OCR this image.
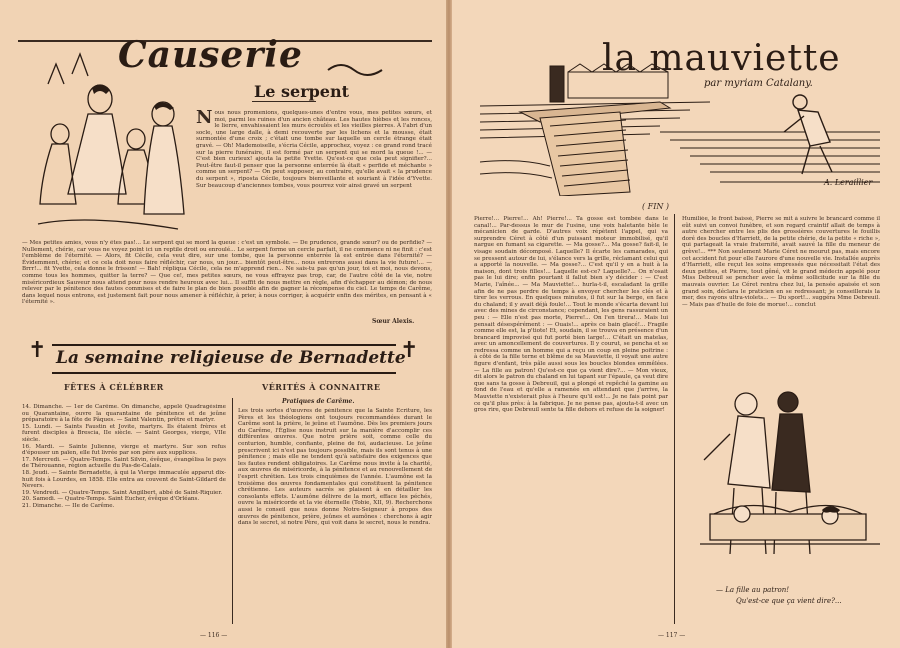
Causerie
Le serpent
Nous nous promenions, quelques-unes d'entre vous, mes petites sœurs, et moi, parmi les ruines d'un ancien château. Les hautes hièbes et les ronces, le lierre, envahissaient les murs écroulés et les vieilles pierres. À l'abri d'un socle, une large dalle, à demi recouverte par les lichens et la mousse, était surmontée d'une croix ; c'était une tombe sur laquelle un cercle étrange était gravé. — Oh! Mademoiselle, s'écria Cécile, approchez, voyez : ce grand rond tracé sur la pierre funéraire, il est formé par un serpent qui se mord la queue !... — C'est bien curieux! ajouta la petite Yvette. Qu'est-ce que cela peut signifier?... Peut-être faut-il penser que la personne enterrée là était « perfide et méchante » comme un serpent? — On peut supposer, au contraire, qu'elle avait « la prudence du serpent », riposta Cécile, toujours bienveillante et souriant à l'idée d'Yvette. Sur beaucoup d'anciennes tombes, vous pourrez voir ainsi gravé un serpent
— Mes petites amies, vous n'y êtes pas!... Le serpent qui se mord la queue : c'est un symbole. — De prudence, grande sœur? ou de perfidie? — Nullement, chérie, car vous ne voyez point ici un reptile droit ou enroulé... Le serpent forme un cercle parfait, il ne commence ni ne finit : c'est l'emblème de l'éternité. — Alors, fit Cécile, cela veut dire, sur une tombe, que la personne enterrée là est entrée dans l'éternité? — Évidemment, chérie; et ce cela doit nous faire réfléchir, car nous, un jour... bientôt peut-être... nous entrerons aussi dans la vie future!... — Brrr!... fit Yvette, cela donne le frisson! — Bah! répliqua Cécile, cela ne m'apprend rien... Ne sais-tu pas qu'un jour, toi et moi, nous devons, comme tous les hommes, quitter la terre? — Que ce!, mes petites sœurs, ne vous effrayez pas trop, car, de l'autre côté de la vie, notre miséricordieux Sauveur nous attend pour nous rendre heureux avec lui... Il suffit de nous mettre en règle, afin d'échapper au démon; de nous relever par le pénitence des fautes commises et de faire le plan de bien possible afin de gagner la récompense du ciel. Le temps de Carême, dans lequel nous entrons, est justement fait pour nous amener à réfléchir, à prier, à nous corriger, à acquérir enfin des mérites, en pensant à « l'éternité ».
Sœur Alexis.
✝	✝
La semaine religieuse de Bernadette
FÊTES À CÉLÉBRER	VÉRITÉS À CONNAITRE
14. Dimanche. — 1er de Carême. On dimanche, appelé Quadragésime ou Quarantaine, ouvre la quarantaine de pénitence et de jeûne préparatoire à la fête de Pâques. — Saint Valentin, prêtre et martyr.
15. Lundi. — Saints Faustin et Jovite, martyrs. Ils étaient frères et furent disciples à Brescia, IIe siècle. — Saint Georges, vierge, VIIe siècle.
16. Mardi. — Sainte Julienne, vierge et martyre. Sur son refus d'épouser un païen, elle fut livrée par son père aux supplices.
17. Mercredi. — Quatre-Temps. Saint Silvin, évêque, évangélisa le pays de Thérouanne, région actuelle du Pas-de-Calais.
18. Jeudi. — Sainte Bernadette, à qui la Vierge immaculée apparut dix-huit fois à Lourdes, en 1858. Elle entra au couvent de Saint-Gildard de Nevers.
19. Vendredi. — Quatre-Temps. Saint Angilbert, abbé de Saint-Riquier.
20. Samedi. — Quatre-Temps. Saint Eucher, évêque d'Orléans.
21. Dimanche. — IIe de Carême.
Pratiques de Carême.
Les trois sortes d'œuvres de pénitence que la Sainte Écriture, les Pères et les théologiens ont toujours recommandées durant le Carême sont la prière, le jeûne et l'aumône. Dès les premiers jours du Carême, l'Église nous instruit sur la manière d'accomplir ces différentes œuvres. Que notre prière soit, comme celle du centurion, humble, confiante, pleine de foi, audacieuse. Le jeûne prescrivent ici n'est pas toujours possible, mais ils sont tenus à une pénitence ; mais elle ne tendent qu'à satisfaire des exigences que les fautes rendent obligatoires. Le Carême nous invite à la charité, aux œuvres de miséricorde, à la pénitence et au renouvellement de l'esprit chrétien. Les trois cinquièmes de l'année. L'aumône est la troisième des œuvres fondamentales qui constituent la pénitence chrétienne. Les auteurs sacrés se plaisent à en détailler les consolants effets. L'aumône délivre de la mort, efface les péchés, ouvre la miséricorde et la vie éternelle (Tobie, XII, 9). Recherchons aussi le conseil que nous donne Notre-Seigneur à propos des œuvres de pénitence, prière, jeûnes et aumônes : cherchons à agir dans le secret, si notre Père, qui voit dans le secret, nous le rendra.
— 116 —
la mauviette
par myriam Catalany.
A. Leraillier
( FIN )
Pierre!... Pierre!... Ah! Pierre!... Ta gosse est tombée dans le canal!... Par-dessus le mur de l'usine, une voix haletante hèle le mécanicien de garde. D'autres voix répètent l'appel, qui va surprendre Céret à côté d'un puissant moteur immobilisé, qu'il nargue en fumant sa cigarette. — Ma gosse?... Ma gosse? fait-il, le visage soudain décomposé. Laquelle? Il écarte les camarades, qui se pressent autour de lui, s'élance vers la grille, réclamant celui qui a apporté la nouvelle. — Ma gosse?... C'est qu'il y en a huit à la maison, dont trois filles!... Laquelle est-ce? Laquelle?... On n'osait pas le lui dire; enfin pourtant il fallut bien s'y décider : — C'est Marie, l'aînée... — Ma Mauviette!... hurla-t-il, escaladant la grille afin de ne pas perdre de temps à envoyer chercher les clés et à tirer les verrous. En quelques minutes, il fut sur la berge, en face du chaland; il y avait déjà foule!... Tout le monde s'écarta devant lui avec des mines de circonstance; cependant, les gens rassuraient un peu : — Elle n'est pas morte, Pierre!... On l'en tirera!... Mais lui pensait désespérément : — Ouais!... après ce bain glacé!... Fragile comme elle est, la p'tiote! Et, soudain, il se trouva en présence d'un brancard improvisé qui fut porté bien large!... C'était un matelas, avec un amoncellement de couvertures. Il y courut, se pencha et se redressa comme un homme qui a reçu un coup en pleine poitrine : à côté de la fille terne et blême de sa Mauviette, il voyait une autre figure d'enfant, très pâle aussi sous les boucles blondes emmêlées. — La fille au patron! Qu'est-ce que ça vient dire?... — Mon vieux, dit alors le patron du chaland en lui tapant sur l'épaule, ça veut dire que sans ta gosse à Debreuil, qui a plongé et repêché la gamine au fond de l'eau et qu'elle a ramenée en attendant que j'arrive, la Mauviette n'existerait plus à l'heure qu'il est!... Je ne fais point par ce qu'il plus près: à la fabrique. Je ne pense pas, ajouta-t-il avec un gros rire, que Debreuil sente ta fille dehors et refuse de la soigner!
Humiliée, le front baissé, Pierre se mit à suivre le brancard comme il eût suivi un convoi funèbre, et son regard craintif allait de temps à autre chercher entre les plis des grossières couvertures le fouillis doré des boucles d'Harriett, de la petite chérie, de la petite « riche », qui partageait la vraie fraternité, avait sauvé la fille du meneur de grève!... *** Non seulement Marie Céret ne mourut pas, mais encore cet accident fut pour elle l'aurore d'une nouvelle vie. Installée auprès d'Harriett, elle reçut les soins empressés que nécessitait l'état des deux petites, et Pierre, tout gêné, vit le grand médecin appelé pour Miss Debreuil se pencher avec la même sollicitude sur la fille du mauvais ouvrier. Le Céret rentra chez lui, la pensée apaisée et son grand soin, déclara le praticien en se redressant; je conseillerais la mer, des rayons ultra-violets... — Du sport!... suggéra Mme Debreuil. — Mais pas d'huile de foie de morue!... conclut
— La fille au patron!
Qu'est-ce que ça vient dire?...
— 117 —
